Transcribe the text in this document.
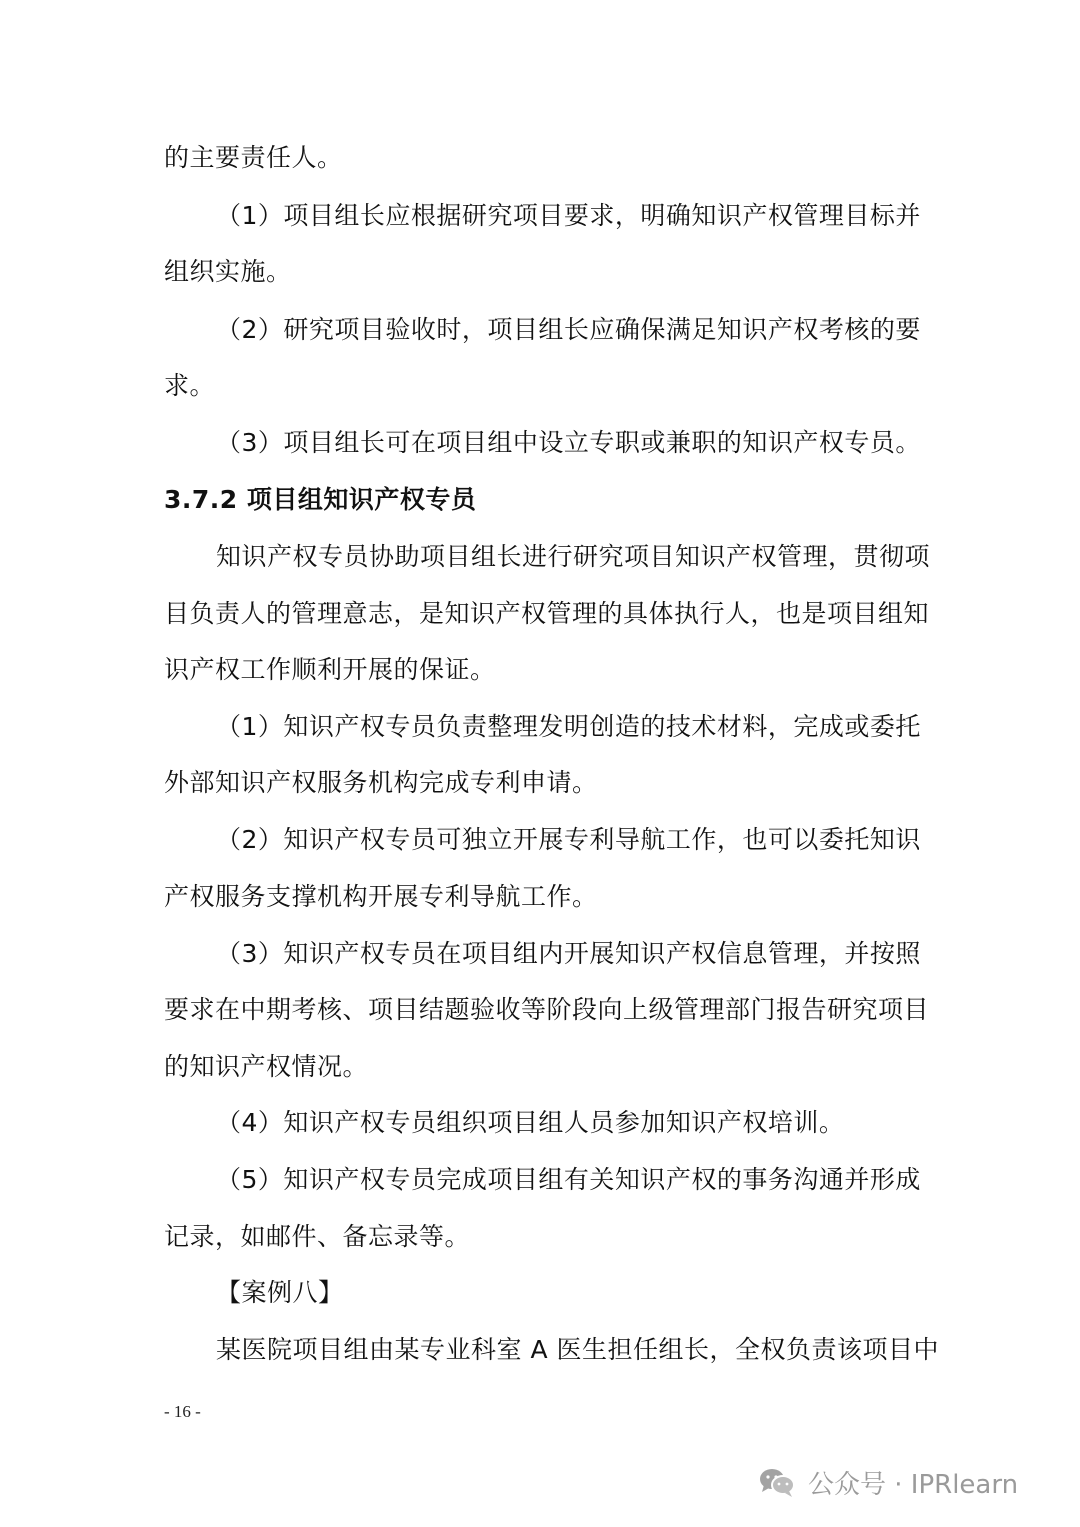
的主要责任人。
（1）项目组长应根据研究项目要求，明确知识产权管理目标并
组织实施。
（2）研究项目验收时，项目组长应确保满足知识产权考核的要
求。
（3）项目组长可在项目组中设立专职或兼职的知识产权专员。
3.7.2 项目组知识产权专员
知识产权专员协助项目组长进行研究项目知识产权管理，贯彻项
目负责人的管理意志，是知识产权管理的具体执行人，也是项目组知
识产权工作顺利开展的保证。
（1）知识产权专员负责整理发明创造的技术材料，完成或委托
外部知识产权服务机构完成专利申请。
（2）知识产权专员可独立开展专利导航工作，也可以委托知识
产权服务支撑机构开展专利导航工作。
（3）知识产权专员在项目组内开展知识产权信息管理，并按照
要求在中期考核、项目结题验收等阶段向上级管理部门报告研究项目
的知识产权情况。
（4）知识产权专员组织项目组人员参加知识产权培训。
（5）知识产权专员完成项目组有关知识产权的事务沟通并形成
记录，如邮件、备忘录等。
【案例八】
某医院项目组由某专业科室 A 医生担任组长，全权负责该项目中
- 16 -
公众号 · IPRlearn
